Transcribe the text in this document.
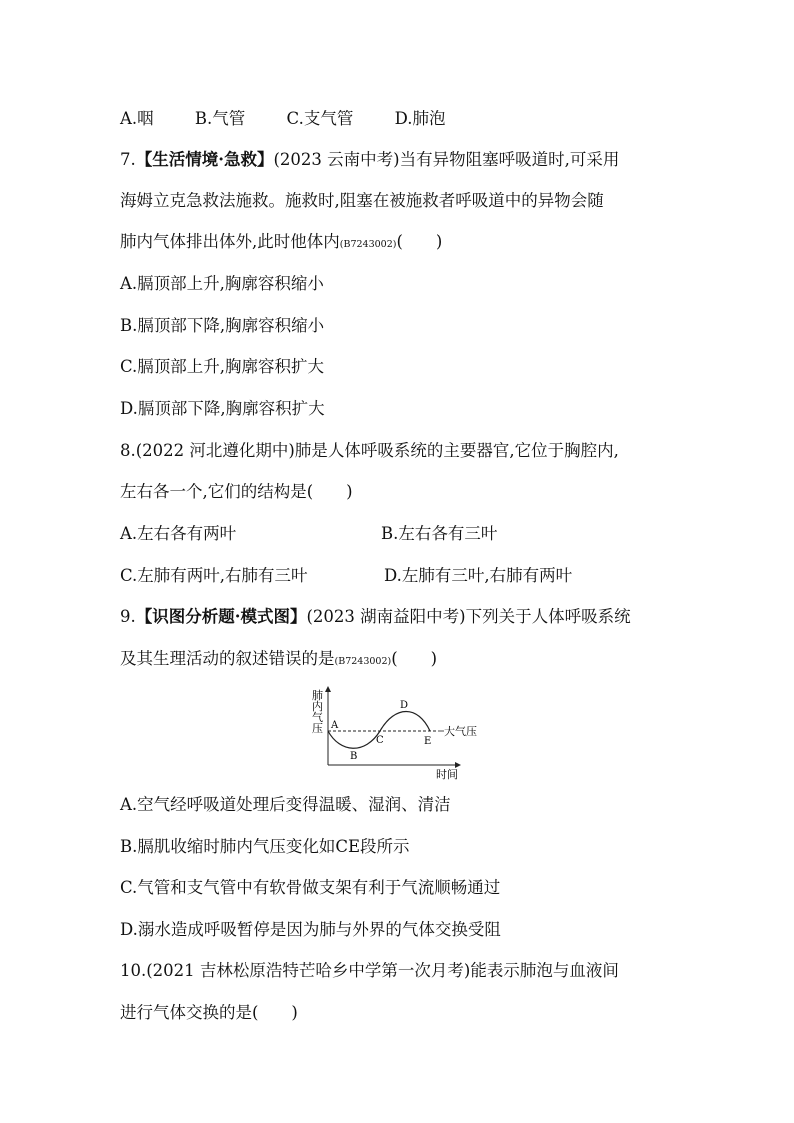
A.咽	B.气管	C.支气管	D.肺泡
7.【生活情境·急救】(2023 云南中考)当有异物阻塞呼吸道时,可采用
海姆立克急救法施救。施救时,阻塞在被施救者呼吸道中的异物会随
肺内气体排出体外,此时他体内(B7243002)(　　)
A.膈顶部上升,胸廓容积缩小
B.膈顶部下降,胸廓容积缩小
C.膈顶部上升,胸廓容积扩大
D.膈顶部下降,胸廓容积扩大
8.(2022 河北遵化期中)肺是人体呼吸系统的主要器官,它位于胸腔内,
左右各一个,它们的结构是(　　)
A.左右各有两叶	B.左右各有三叶
C.左肺有两叶,右肺有三叶	D.左肺有三叶,右肺有两叶
9.【识图分析题·模式图】(2023 湖南益阳中考)下列关于人体呼吸系统
及其生理活动的叙述错误的是(B7243002)(　　)
肺
内
气
压	大气压
A
B
C
D
E
时间
A.空气经呼吸道处理后变得温暖、湿润、清洁
B.膈肌收缩时肺内气压变化如CE段所示
C.气管和支气管中有软骨做支架有利于气流顺畅通过
D.溺水造成呼吸暂停是因为肺与外界的气体交换受阻
10.(2021 吉林松原浩特芒哈乡中学第一次月考)能表示肺泡与血液间
进行气体交换的是(　　)
